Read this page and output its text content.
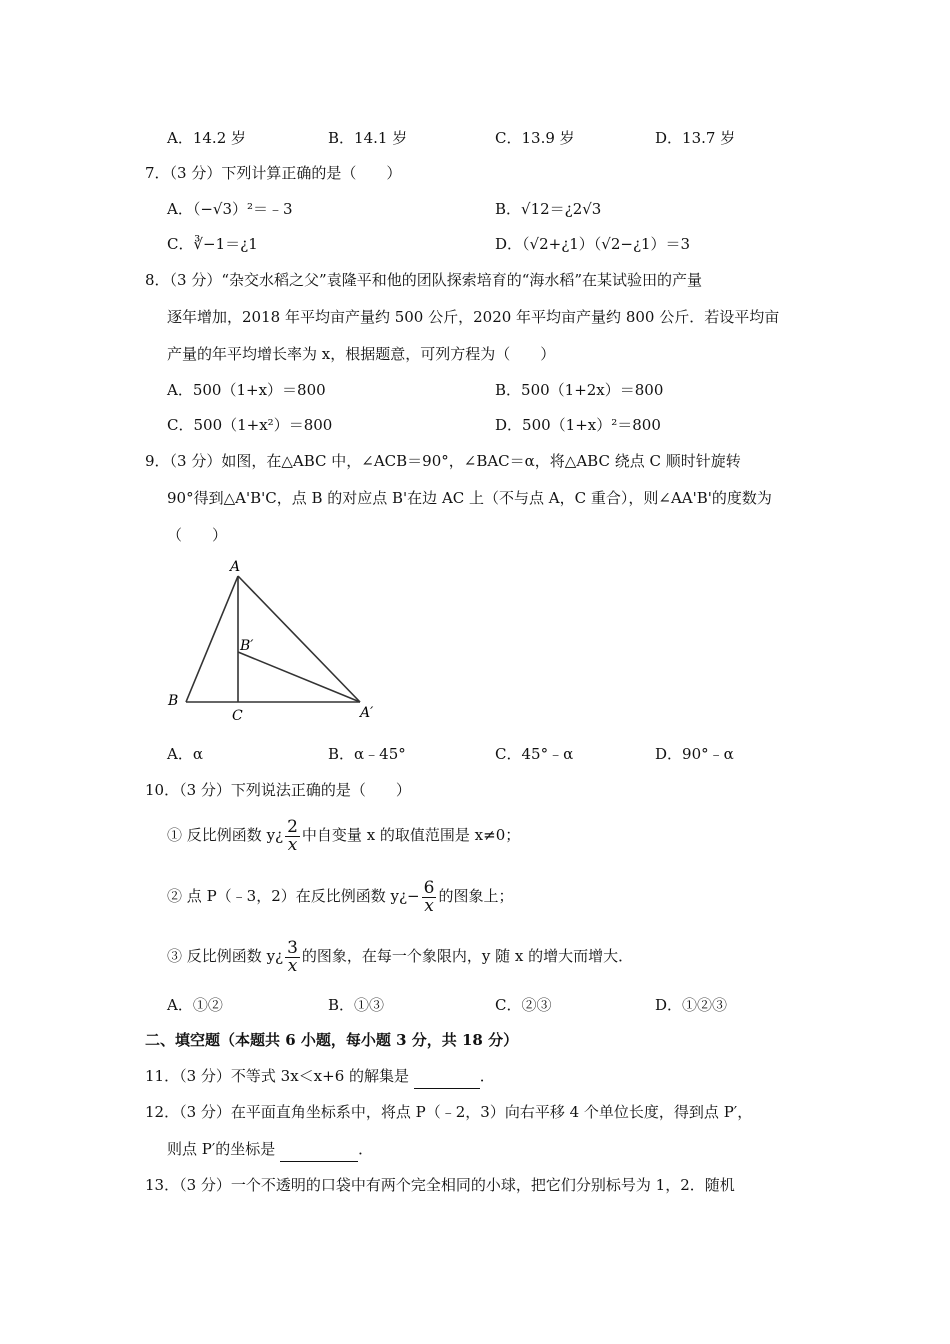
A．14.2 岁	B．14.1 岁	C．13.9 岁	D．13.7 岁
7．（3 分）下列计算正确的是（　　）
A．（−√3）²＝﹣3	B．√12＝¿2√3
C．∛−1＝¿1	D．（√2+¿1）（√2−¿1）＝3
8．（3 分）“杂交水稻之父”袁隆平和他的团队探索培育的“海水稻”在某试验田的产量
逐年增加，2018 年平均亩产量约 500 公斤，2020 年平均亩产量约 800 公斤．若设平均亩
产量的年平均增长率为 x，根据题意，可列方程为（　　）
A．500（1+x）＝800	B．500（1+2x）＝800
C．500（1+x²）＝800	D．500（1+x）²＝800
9．（3 分）如图，在△ABC 中，∠ACB＝90°，∠BAC＝α，将△ABC 绕点 C 顺时针旋转
90°得到△A'B'C，点 B 的对应点 B'在边 AC 上（不与点 A，C 重合），则∠AA'B'的度数为
（　　）
A
B
C
B′
A′
A．α	B．α﹣45°	C．45°﹣α	D．90°﹣α
10．（3 分）下列说法正确的是（　　）
① 反比例函数 y¿ $\frac{2}{x}$ 中自变量 x 的取值范围是 x≠0；
② 点 P（﹣3，2）在反比例函数 y¿− $\frac{6}{x}$ 的图象上；
③ 反比例函数 y¿ $\frac{3}{x}$ 的图象，在每一个象限内，y 随 x 的增大而增大．
A．①②	B．①③	C．②③	D．①②③
二、填空题（本题共 6 小题，每小题 3 分，共 18 分）
11．（3 分）不等式 3x＜x+6 的解集是	．
12．（3 分）在平面直角坐标系中，将点 P（﹣2，3）向右平移 4 个单位长度，得到点 P′，
则点 P′的坐标是	．
13．（3 分）一个不透明的口袋中有两个完全相同的小球，把它们分别标号为 1，2．随机
